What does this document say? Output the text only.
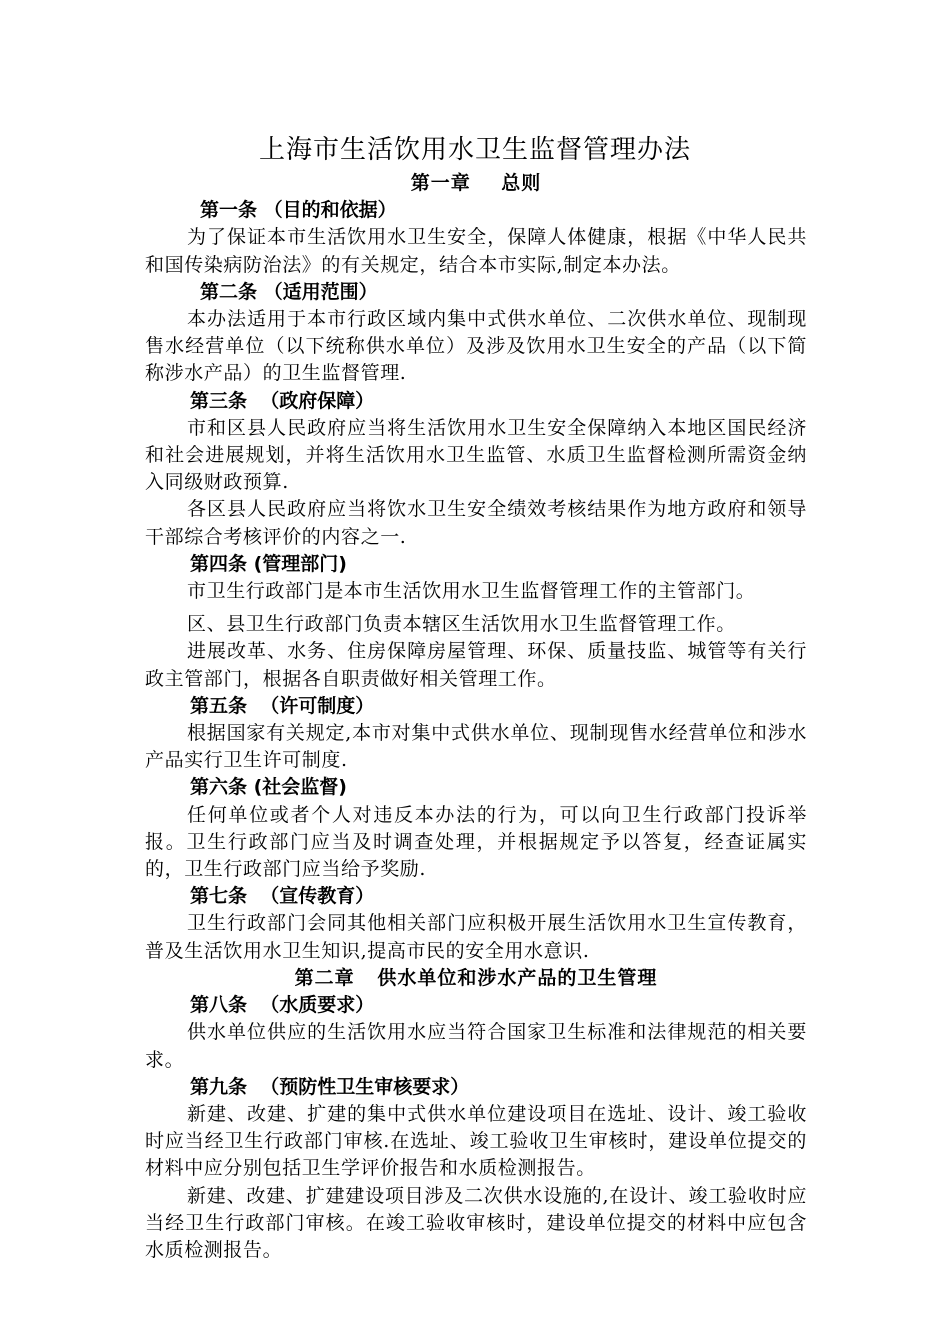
上海市生活饮用水卫生监督管理办法
第一章    总则
第一条 （目的和依据）

为了保证本市生活饮用水卫生安全，保障人体健康，根据《中华人民共和国传染病防治法》的有关规定，结合本市实际,制定本办法。

第二条 （适用范围）

本办法适用于本市行政区域内集中式供水单位、二次供水单位、现制现售水经营单位（以下统称供水单位）及涉及饮用水卫生安全的产品（以下简称涉水产品）的卫生监督管理.

第三条  （政府保障）

市和区县人民政府应当将生活饮用水卫生安全保障纳入本地区国民经济和社会进展规划，并将生活饮用水卫生监管、水质卫生监督检测所需资金纳入同级财政预算.

各区县人民政府应当将饮水卫生安全绩效考核结果作为地方政府和领导干部综合考核评价的内容之一.

第四条 (管理部门)

市卫生行政部门是本市生活饮用水卫生监督管理工作的主管部门。

区、县卫生行政部门负责本辖区生活饮用水卫生监督管理工作。

进展改革、水务、住房保障房屋管理、环保、质量技监、城管等有关行政主管部门，根据各自职责做好相关管理工作。

第五条  （许可制度）

根据国家有关规定,本市对集中式供水单位、现制现售水经营单位和涉水产品实行卫生许可制度.

第六条 (社会监督)

任何单位或者个人对违反本办法的行为，可以向卫生行政部门投诉举报。卫生行政部门应当及时调查处理，并根据规定予以答复，经查证属实的，卫生行政部门应当给予奖励.

第七条  （宣传教育）

卫生行政部门会同其他相关部门应积极开展生活饮用水卫生宣传教育，普及生活饮用水卫生知识,提高市民的安全用水意识.

第二章   供水单位和涉水产品的卫生管理
第八条  （水质要求）

供水单位供应的生活饮用水应当符合国家卫生标准和法律规范的相关要求。

第九条  （预防性卫生审核要求）

新建、改建、扩建的集中式供水单位建设项目在选址、设计、竣工验收时应当经卫生行政部门审核.在选址、竣工验收卫生审核时，建设单位提交的材料中应分别包括卫生学评价报告和水质检测报告。

新建、改建、扩建建设项目涉及二次供水设施的,在设计、竣工验收时应当经卫生行政部门审核。在竣工验收审核时，建设单位提交的材料中应包含水质检测报告。
